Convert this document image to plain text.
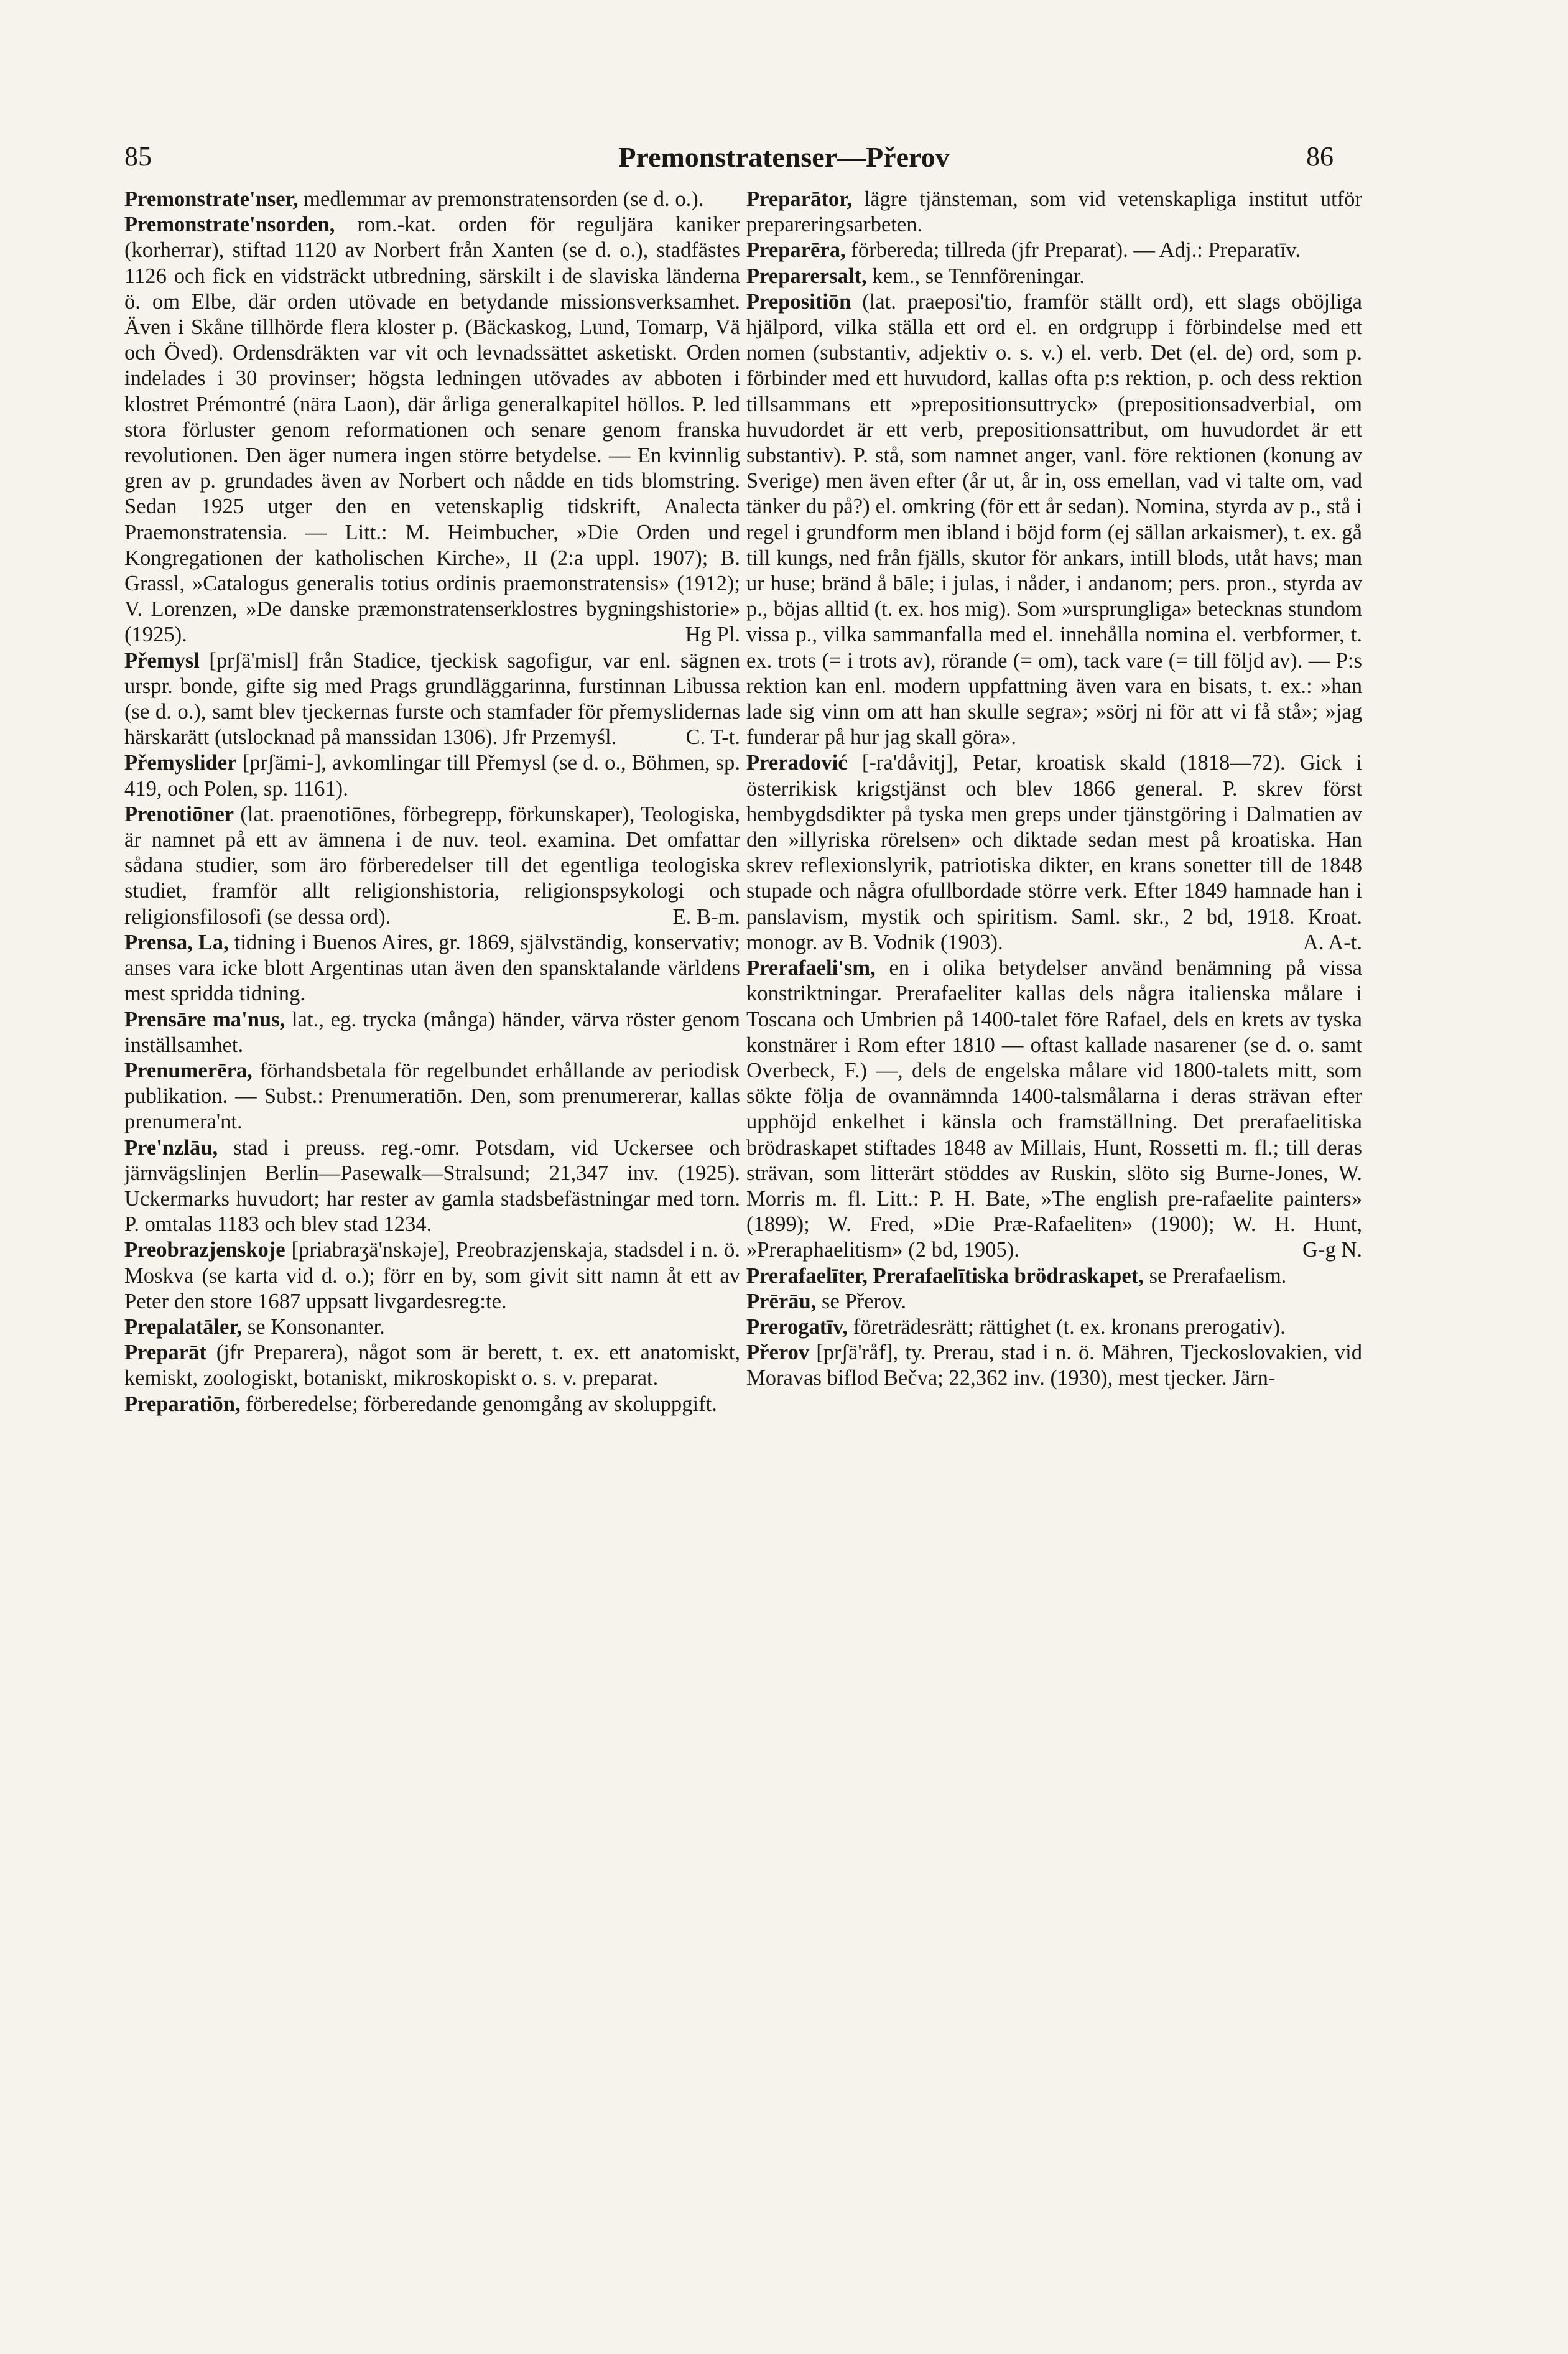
85	Premonstratenser—Přerov	86

Premonstrate'nser, medlemmar av premonstratensorden (se d. o.).

Premonstrate'nsorden, rom.-kat. orden för reguljära kaniker (korherrar), stiftad 1120 av Norbert från Xanten (se d. o.), stadfästes 1126 och fick en vidsträckt utbredning, särskilt i de slaviska länderna ö. om Elbe, där orden utövade en betydande missionsverksamhet. Även i Skåne tillhörde flera kloster p. (Bäckaskog, Lund, Tomarp, Vä och Öved). Ordensdräkten var vit och levnadssättet asketiskt. Orden indelades i 30 provinser; högsta ledningen utövades av abboten i klostret Prémontré (nära Laon), där årliga generalkapitel höllos. P. led stora förluster genom reformationen och senare genom franska revolutionen. Den äger numera ingen större betydelse. — En kvinnlig gren av p. grundades även av Norbert och nådde en tids blomstring. Sedan 1925 utger den en vetenskaplig tidskrift, Analecta Praemonstratensia. — Litt.: M. Heimbucher, »Die Orden und Kongregationen der katholischen Kirche», II (2:a uppl. 1907); B. Grassl, »Catalogus generalis totius ordinis praemonstratensis» (1912); V. Lorenzen, »De danske præmonstratenserklostres bygningshistorie» (1925).	Hg Pl.

Přemysl [prʃä'misl] från Stadice, tjeckisk sagofigur, var enl. sägnen urspr. bonde, gifte sig med Prags grundläggarinna, furstinnan Libussa (se d. o.), samt blev tjeckernas furste och stamfader för přemyslidernas härskarätt (utslocknad på manssidan 1306). Jfr Przemyśl.	C. T-t.

Přemyslider [prʃämi-], avkomlingar till Přemysl (se d. o., Böhmen, sp. 419, och Polen, sp. 1161).

Prenotiōner (lat. praenotiōnes, förbegrepp, förkunskaper), Teologiska, är namnet på ett av ämnena i de nuv. teol. examina. Det omfattar sådana studier, som äro förberedelser till det egentliga teologiska studiet, framför allt religionshistoria, religionspsykologi och religionsfilosofi (se dessa ord).	E. B-m.

Prensa, La, tidning i Buenos Aires, gr. 1869, självständig, konservativ; anses vara icke blott Argentinas utan även den spansktalande världens mest spridda tidning.

Prensāre ma'nus, lat., eg. trycka (många) händer, värva röster genom inställsamhet.

Prenumerēra, förhandsbetala för regelbundet erhållande av periodisk publikation. — Subst.: Prenumeratiōn. Den, som prenumererar, kallas prenumera'nt.

Pre'nzlāu, stad i preuss. reg.-omr. Potsdam, vid Uckersee och järnvägslinjen Berlin—Pasewalk—Stralsund; 21,347 inv. (1925). Uckermarks huvudort; har rester av gamla stadsbefästningar med torn. P. omtalas 1183 och blev stad 1234.

Preobrazjenskoje [priabraʒä'nskəje], Preobrazjenskaja, stadsdel i n. ö. Moskva (se karta vid d. o.); förr en by, som givit sitt namn åt ett av Peter den store 1687 uppsatt livgardesreg:te.

Prepalatāler, se Konsonanter.

Preparāt (jfr Preparera), något som är berett, t. ex. ett anatomiskt, kemiskt, zoologiskt, botaniskt, mikroskopiskt o. s. v. preparat.

Preparatiōn, förberedelse; förberedande genomgång av skoluppgift.

Preparātor, lägre tjänsteman, som vid vetenskapliga institut utför prepareringsarbeten.

Preparēra, förbereda; tillreda (jfr Preparat). — Adj.: Preparatīv.

Preparersalt, kem., se Tennföreningar.

Prepositiōn (lat. praeposi'tio, framför ställt ord), ett slags oböjliga hjälpord, vilka ställa ett ord el. en ordgrupp i förbindelse med ett nomen (substantiv, adjektiv o. s. v.) el. verb. Det (el. de) ord, som p. förbinder med ett huvudord, kallas ofta p:s rektion, p. och dess rektion tillsammans ett »prepositionsuttryck» (prepositionsadverbial, om huvudordet är ett verb, prepositionsattribut, om huvudordet är ett substantiv). P. stå, som namnet anger, vanl. före rektionen (konung av Sverige) men även efter (år ut, år in, oss emellan, vad vi talte om, vad tänker du på?) el. omkring (för ett år sedan). Nomina, styrda av p., stå i regel i grundform men ibland i böjd form (ej sällan arkaismer), t. ex. gå till kungs, ned från fjälls, skutor för ankars, intill blods, utåt havs; man ur huse; bränd å bāle; i julas, i nåder, i andanom; pers. pron., styrda av p., böjas alltid (t. ex. hos mig). Som »ursprungliga» betecknas stundom vissa p., vilka sammanfalla med el. innehålla nomina el. verbformer, t. ex. trots (= i trots av), rörande (= om), tack vare (= till följd av). — P:s rektion kan enl. modern uppfattning även vara en bisats, t. ex.: »han lade sig vinn om att han skulle segra»; »sörj ni för att vi få stå»; »jag funderar på hur jag skall göra».

Preradović [-ra'dåvitj], Petar, kroatisk skald (1818—72). Gick i österrikisk krigstjänst och blev 1866 general. P. skrev först hembygdsdikter på tyska men greps under tjänstgöring i Dalmatien av den »illyriska rörelsen» och diktade sedan mest på kroatiska. Han skrev reflexionslyrik, patriotiska dikter, en krans sonetter till de 1848 stupade och några ofullbordade större verk. Efter 1849 hamnade han i panslavism, mystik och spiritism. Saml. skr., 2 bd, 1918. Kroat. monogr. av B. Vodnik (1903).	A. A-t.

Prerafaeli'sm, en i olika betydelser använd benämning på vissa konstriktningar. Prerafaeliter kallas dels några italienska målare i Toscana och Umbrien på 1400-talet före Rafael, dels en krets av tyska konstnärer i Rom efter 1810 — oftast kallade nasarener (se d. o. samt Overbeck, F.) —, dels de engelska målare vid 1800-talets mitt, som sökte följa de ovannämnda 1400-talsmålarna i deras strävan efter upphöjd enkelhet i känsla och framställning. Det prerafaelitiska brödraskapet stiftades 1848 av Millais, Hunt, Rossetti m. fl.; till deras strävan, som litterärt stöddes av Ruskin, slöto sig Burne-Jones, W. Morris m. fl. Litt.: P. H. Bate, »The english pre-rafaelite painters» (1899); W. Fred, »Die Præ-Rafaeliten» (1900); W. H. Hunt, »Preraphaelitism» (2 bd, 1905).	G-g N.

Prerafaelīter, Prerafaelītiska brödraskapet, se Prerafaelism.

Prērāu, se Přerov.

Prerogatīv, företrädesrätt; rättighet (t. ex. kronans prerogativ).

Přerov [prʃä'råf], ty. Prerau, stad i n. ö. Mähren, Tjeckoslovakien, vid Moravas biflod Bečva; 22,362 inv. (1930), mest tjecker. Järn-
